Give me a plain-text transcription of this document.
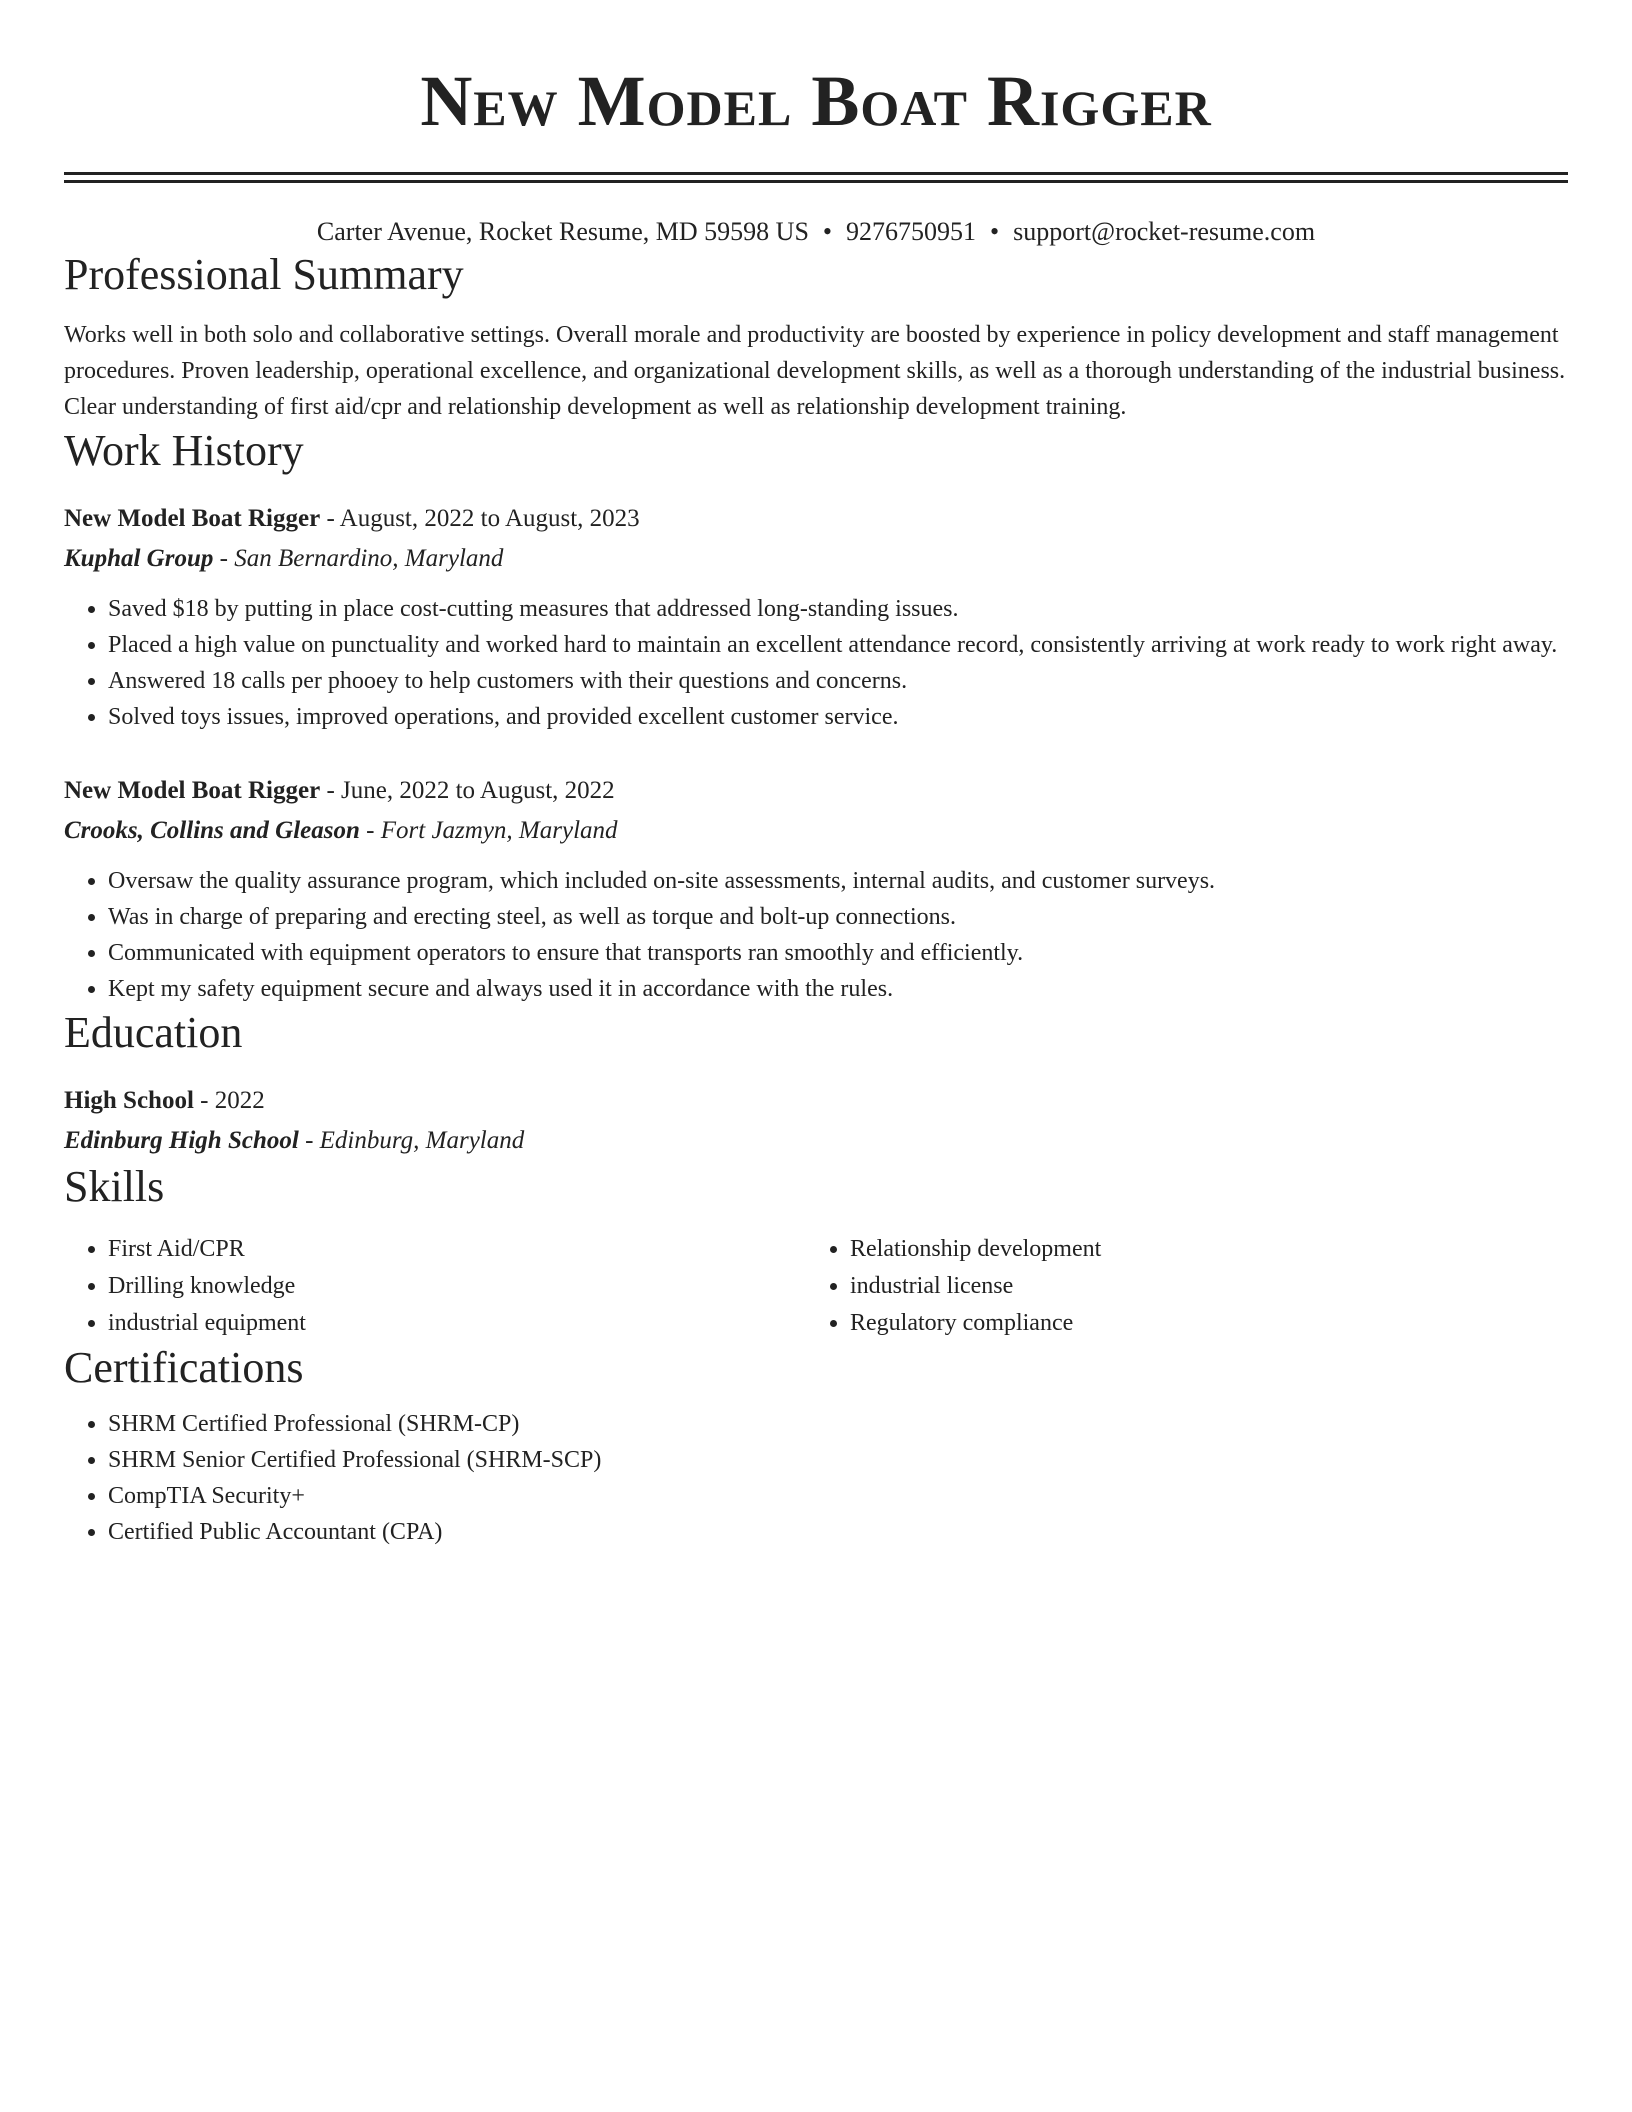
New Model Boat Rigger
Carter Avenue, Rocket Resume, MD 59598 US • 9276750951 • support@rocket-resume.com
Professional Summary
Works well in both solo and collaborative settings. Overall morale and productivity are boosted by experience in policy development and staff management procedures. Proven leadership, operational excellence, and organizational development skills, as well as a thorough understanding of the industrial business. Clear understanding of first aid/cpr and relationship development as well as relationship development training.
Work History
New Model Boat Rigger - August, 2022 to August, 2023
Kuphal Group - San Bernardino, Maryland
• Saved $18 by putting in place cost-cutting measures that addressed long-standing issues.
• Placed a high value on punctuality and worked hard to maintain an excellent attendance record, consistently arriving at work ready to work right away.
• Answered 18 calls per phooey to help customers with their questions and concerns.
• Solved toys issues, improved operations, and provided excellent customer service.
New Model Boat Rigger - June, 2022 to August, 2022
Crooks, Collins and Gleason - Fort Jazmyn, Maryland
• Oversaw the quality assurance program, which included on-site assessments, internal audits, and customer surveys.
• Was in charge of preparing and erecting steel, as well as torque and bolt-up connections.
• Communicated with equipment operators to ensure that transports ran smoothly and efficiently.
• Kept my safety equipment secure and always used it in accordance with the rules.
Education
High School - 2022
Edinburg High School - Edinburg, Maryland
Skills
• First Aid/CPR
• Drilling knowledge
• industrial equipment
• Relationship development
• industrial license
• Regulatory compliance
Certifications
• SHRM Certified Professional (SHRM-CP)
• SHRM Senior Certified Professional (SHRM-SCP)
• CompTIA Security+
• Certified Public Accountant (CPA)
